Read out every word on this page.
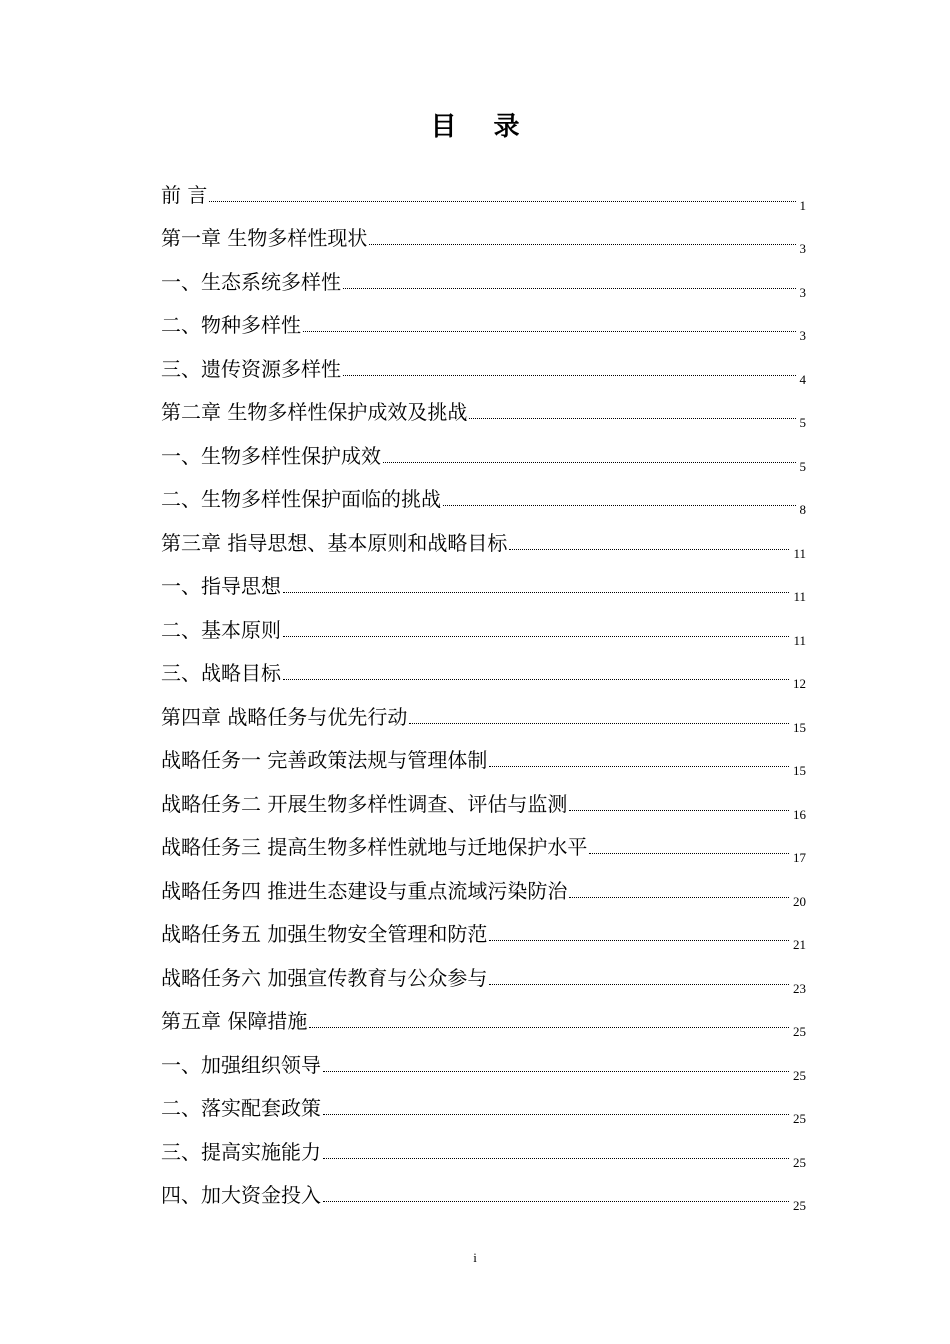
目 录
前 言	1
第一章 生物多样性现状	3
一、生态系统多样性	3
二、物种多样性	3
三、遗传资源多样性	4
第二章 生物多样性保护成效及挑战	5
一、生物多样性保护成效	5
二、生物多样性保护面临的挑战	8
第三章 指导思想、基本原则和战略目标	11
一、指导思想	11
二、基本原则	11
三、战略目标	12
第四章 战略任务与优先行动	15
战略任务一 完善政策法规与管理体制	15
战略任务二 开展生物多样性调查、评估与监测	16
战略任务三 提高生物多样性就地与迁地保护水平	17
战略任务四 推进生态建设与重点流域污染防治	20
战略任务五 加强生物安全管理和防范	21
战略任务六 加强宣传教育与公众参与	23
第五章 保障措施	25
一、加强组织领导	25
二、落实配套政策	25
三、提高实施能力	25
四、加大资金投入	25
i
